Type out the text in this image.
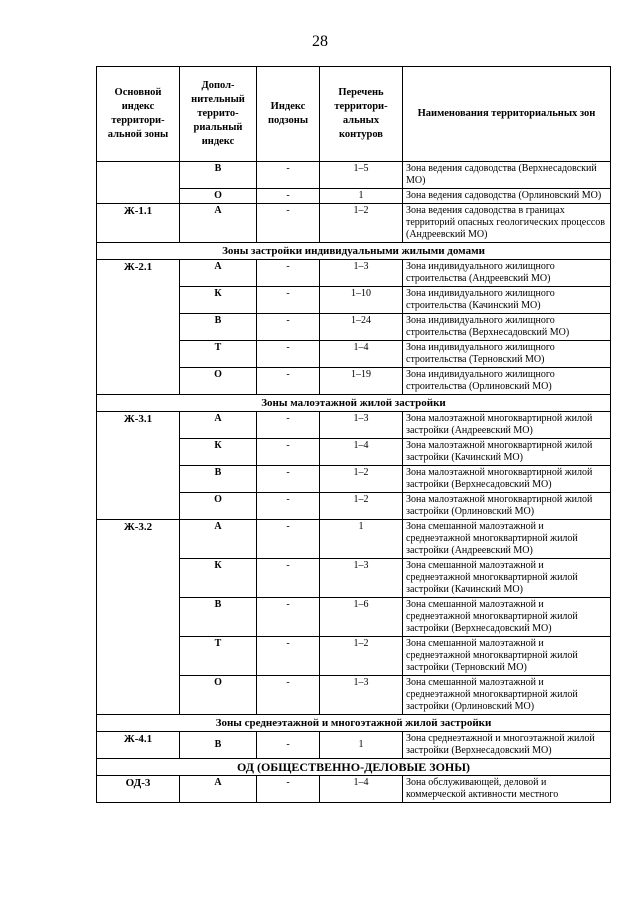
28
Основной индекс территори-альной зоны	Допол-нительный террито-риальный индекс	Индекс подзоны	Перечень территори-альных контуров	Наименования территориальных зон
	В	-	1–5	Зона ведения садоводства (Верхнесадовский МО)
	О	-	1	Зона ведения садоводства (Орлиновский МО)
Ж-1.1	А	-	1–2	Зона ведения садоводства в границах территорий опасных геологических процессов (Андреевский МО)
Зоны застройки индивидуальными жилыми домами				
Ж-2.1	А	-	1–3	Зона индивидуального жилищного строительства (Андреевский МО)
	К	-	1–10	Зона индивидуального жилищного строительства (Качинский МО)
	В	-	1–24	Зона индивидуального жилищного строительства (Верхнесадовский МО)
	Т	-	1–4	Зона индивидуального жилищного строительства (Терновский МО)
	О	-	1–19	Зона индивидуального жилищного строительства (Орлиновский МО)
Зоны малоэтажной жилой застройки				
Ж-3.1	А	-	1–3	Зона малоэтажной многоквартирной жилой застройки (Андреевский МО)
	К	-	1–4	Зона малоэтажной многоквартирной жилой застройки (Качинский МО)
	В	-	1–2	Зона малоэтажной многоквартирной жилой застройки (Верхнесадовский МО)
	О	-	1–2	Зона малоэтажной многоквартирной жилой застройки (Орлиновский МО)
Ж-3.2	А	-	1	Зона смешанной малоэтажной и среднеэтажной многоквартирной жилой застройки (Андреевский МО)
	К	-	1–3	Зона смешанной малоэтажной и среднеэтажной многоквартирной жилой застройки (Качинский МО)
	В	-	1–6	Зона смешанной малоэтажной и среднеэтажной многоквартирной жилой застройки (Верхнесадовский МО)
	Т	-	1–2	Зона смешанной малоэтажной и среднеэтажной многоквартирной жилой застройки (Терновский МО)
	О	-	1–3	Зона смешанной малоэтажной и среднеэтажной многоквартирной жилой застройки (Орлиновский МО)
Зоны среднеэтажной и многоэтажной жилой застройки				
Ж-4.1	В	-	1	Зона среднеэтажной и многоэтажной жилой застройки (Верхнесадовский МО)
ОД (ОБЩЕСТВЕННО-ДЕЛОВЫЕ ЗОНЫ)				
ОД-3	А	-	1–4	Зона обслуживающей, деловой и коммерческой активности местного
